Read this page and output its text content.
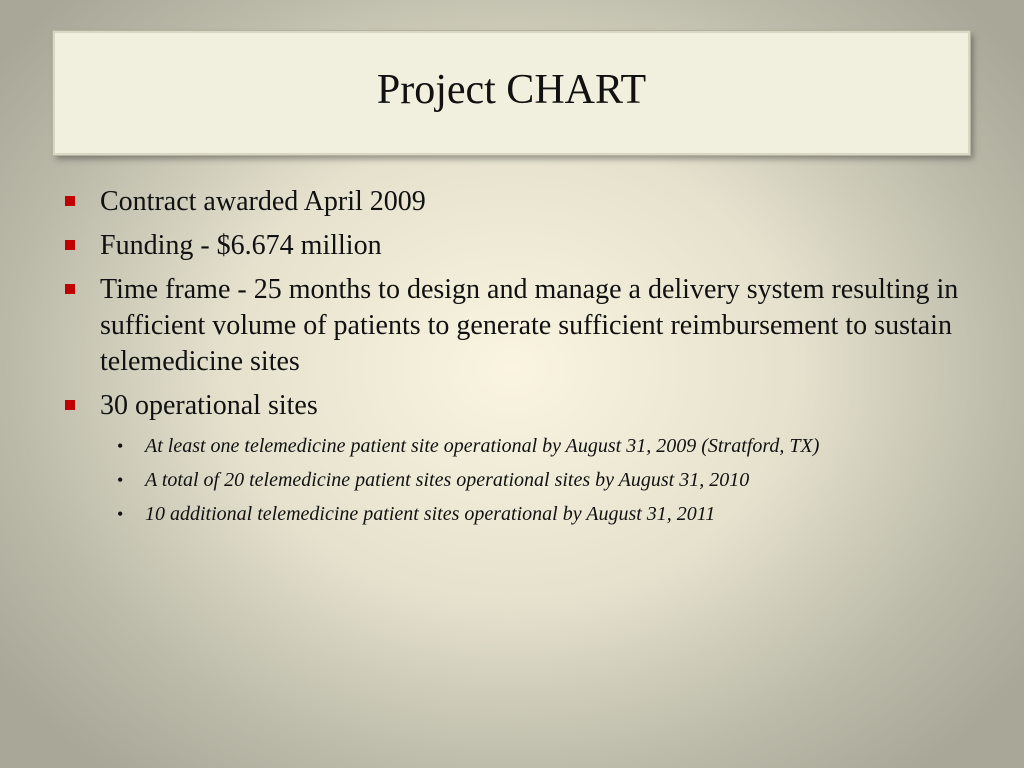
Project CHART
Contract awarded April 2009
Funding - $6.674 million
Time frame - 25 months to design and manage a delivery system resulting in sufficient volume of patients to generate sufficient reimbursement to sustain telemedicine sites
30 operational sites
• At least one telemedicine patient site operational by August 31, 2009 (Stratford, TX)
• A total of 20 telemedicine patient sites operational sites by August 31, 2010
• 10 additional telemedicine patient sites operational by August 31, 2011
